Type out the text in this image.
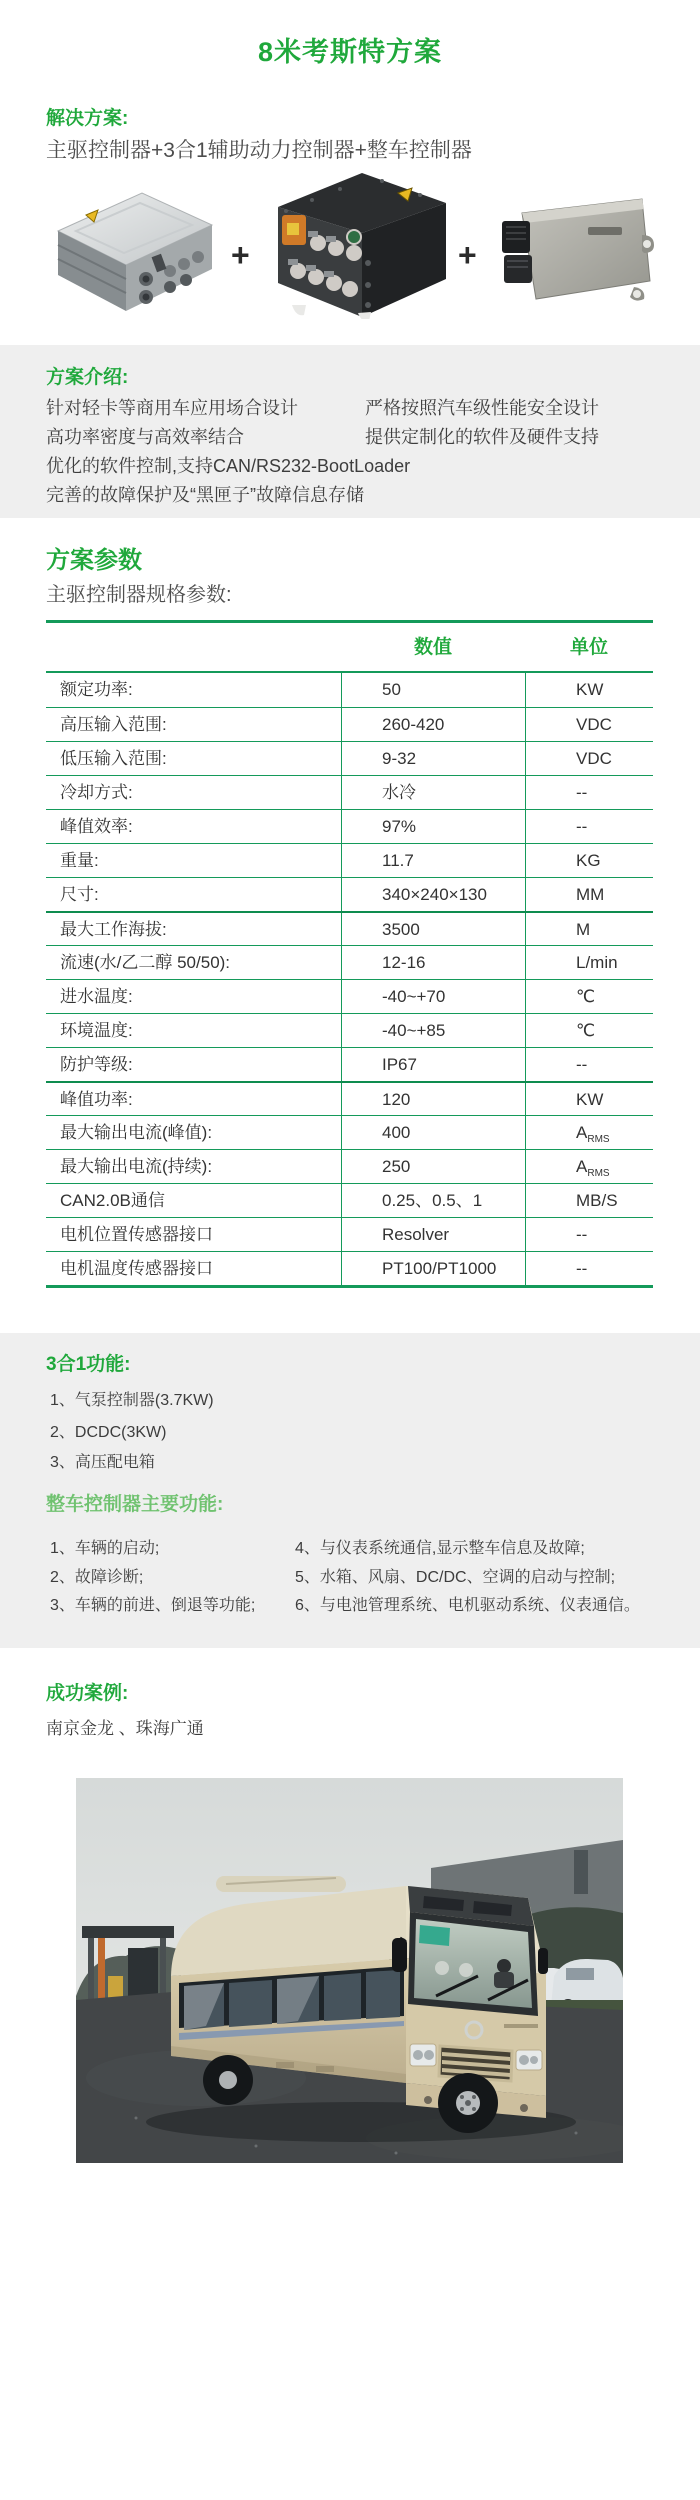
8米考斯特方案
解决方案:
主驱控制器+3合1辅助动力控制器+整车控制器
+	+
方案介绍:
针对轻卡等商用车应用场合设计
高功率密度与高效率结合
优化的软件控制,支持CAN/RS232-BootLoader
完善的故障保护及“黑匣子”故障信息存储
严格按照汽车级性能安全设计
提供定制化的软件及硬件支持
方案参数
主驱控制器规格参数:
数值	单位
额定功率:	50	KW
高压输入范围:	260-420	VDC
低压输入范围:	9-32	VDC
冷却方式:	水冷	--
峰值效率:	97%	--
重量:	11.7	KG
尺寸:	340×240×130	MM
最大工作海拔:	3500	M
流速(水/乙二醇 50/50):	12-16	L/min
进水温度:	-40~+70	℃
环境温度:	-40~+85	℃
防护等级:	IP67	--
峰值功率:	120	KW
最大输出电流(峰值):	400	$A_{RMS}$
最大输出电流(持续):	250	$A_{RMS}$
CAN2.0B通信	0.25、0.5、1	MB/S
电机位置传感器接口	Resolver	--
电机温度传感器接口	PT100/PT1000	--
3合1功能:
1、气泵控制器(3.7KW)
2、DCDC(3KW)
3、高压配电箱
整车控制器主要功能:
1、车辆的启动;
2、故障诊断;
3、车辆的前进、倒退等功能;
4、与仪表系统通信,显示整车信息及故障;
5、水箱、风扇、DC/DC、空调的启动与控制;
6、与电池管理系统、电机驱动系统、仪表通信。
成功案例:
南京金龙 、珠海广通
